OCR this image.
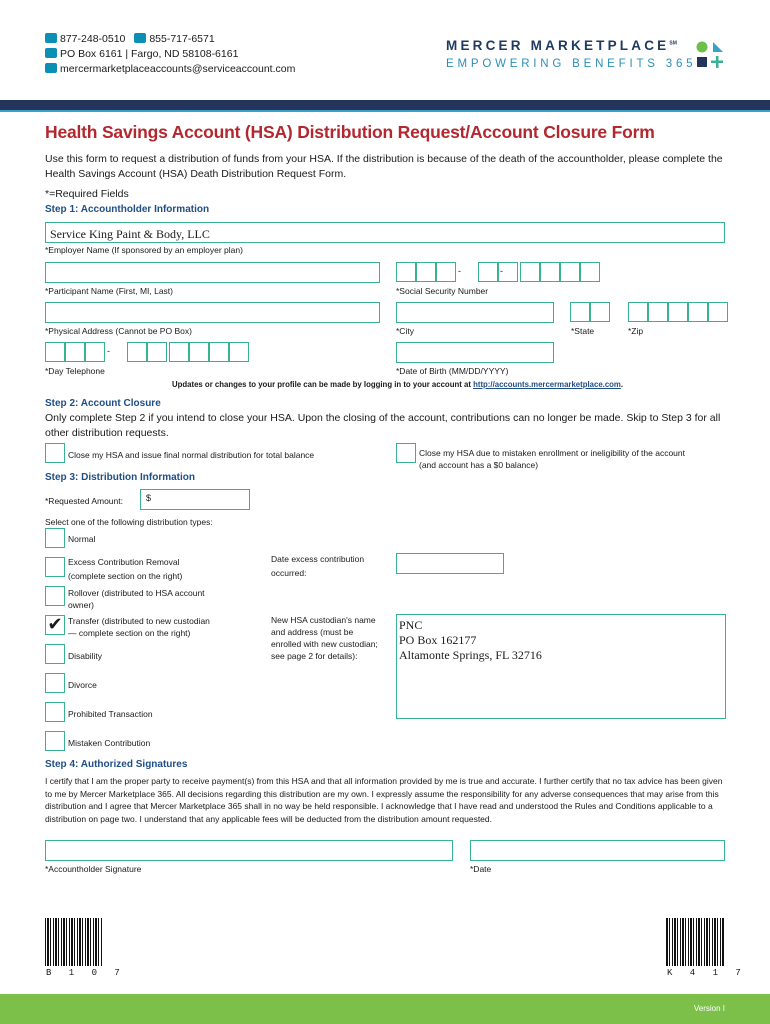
877-248-0510 855-717-6571
PO Box 6161 | Fargo, ND 58108-6161
mercermarketplaceaccounts@serviceaccount.com
MERCER MARKETPLACE℠
EMPOWERING BENEFITS 365
Health Savings Account (HSA) Distribution Request/Account Closure Form
Use this form to request a distribution of funds from your HSA. If the distribution is because of the death of the accountholder, please complete the Health Savings Account (HSA) Death Distribution Request Form.
*=Required Fields
Step 1: Accountholder Information
Service King Paint & Body, LLC
*Employer Name (If sponsored by an employer plan)
*Participant Name (First, MI, Last)
-	-
*Social Security Number
*Physical Address (Cannot be PO Box)	*City	*State	*Zip
-
*Day Telephone	*Date of Birth (MM/DD/YYYY)
Updates or changes to your profile can be made by logging in to your account at http://accounts.mercermarketplace.com.
Step 2: Account Closure
Only complete Step 2 if you intend to close your HSA. Upon the closing of the account, contributions can no longer be made. Skip to Step 3 for all other distribution requests.
Close my HSA and issue final normal distribution for total balance	Close my HSA due to mistaken enrollment or ineligibility of the account
(and account has a $0 balance)
Step 3: Distribution Information
*Requested Amount:	$
Select one of the following distribution types:
Normal
Excess Contribution Removal
(complete section on the right)
Rollover (distributed to HSA account
owner)
✔ Transfer (distributed to new custodian
— complete section on the right)
Disability
Divorce
Prohibited Transaction
Mistaken Contribution
Date excess contribution
occurred:
New HSA custodian's name
and address (must be
enrolled with new custodian;
see page 2 for details):
PNC
PO Box 162177
Altamonte Springs, FL 32716
Step 4: Authorized Signatures
I certify that I am the proper party to receive payment(s) from this HSA and that all information provided by me is true and accurate. I further certify that no tax advice has been given to me by Mercer Marketplace 365. All decisions regarding this distribution are my own. I expressly assume the responsibility for any adverse consequences that may arise from this distribution and I agree that Mercer Marketplace 365 shall in no way be held responsible. I acknowledge that I have read and understood the Rules and Conditions applicable to a distribution on page two. I understand that any applicable fees will be deducted from the distribution amount requested.
*Accountholder Signature	*Date
B 1 0 7	K 4 1 7
Version I
